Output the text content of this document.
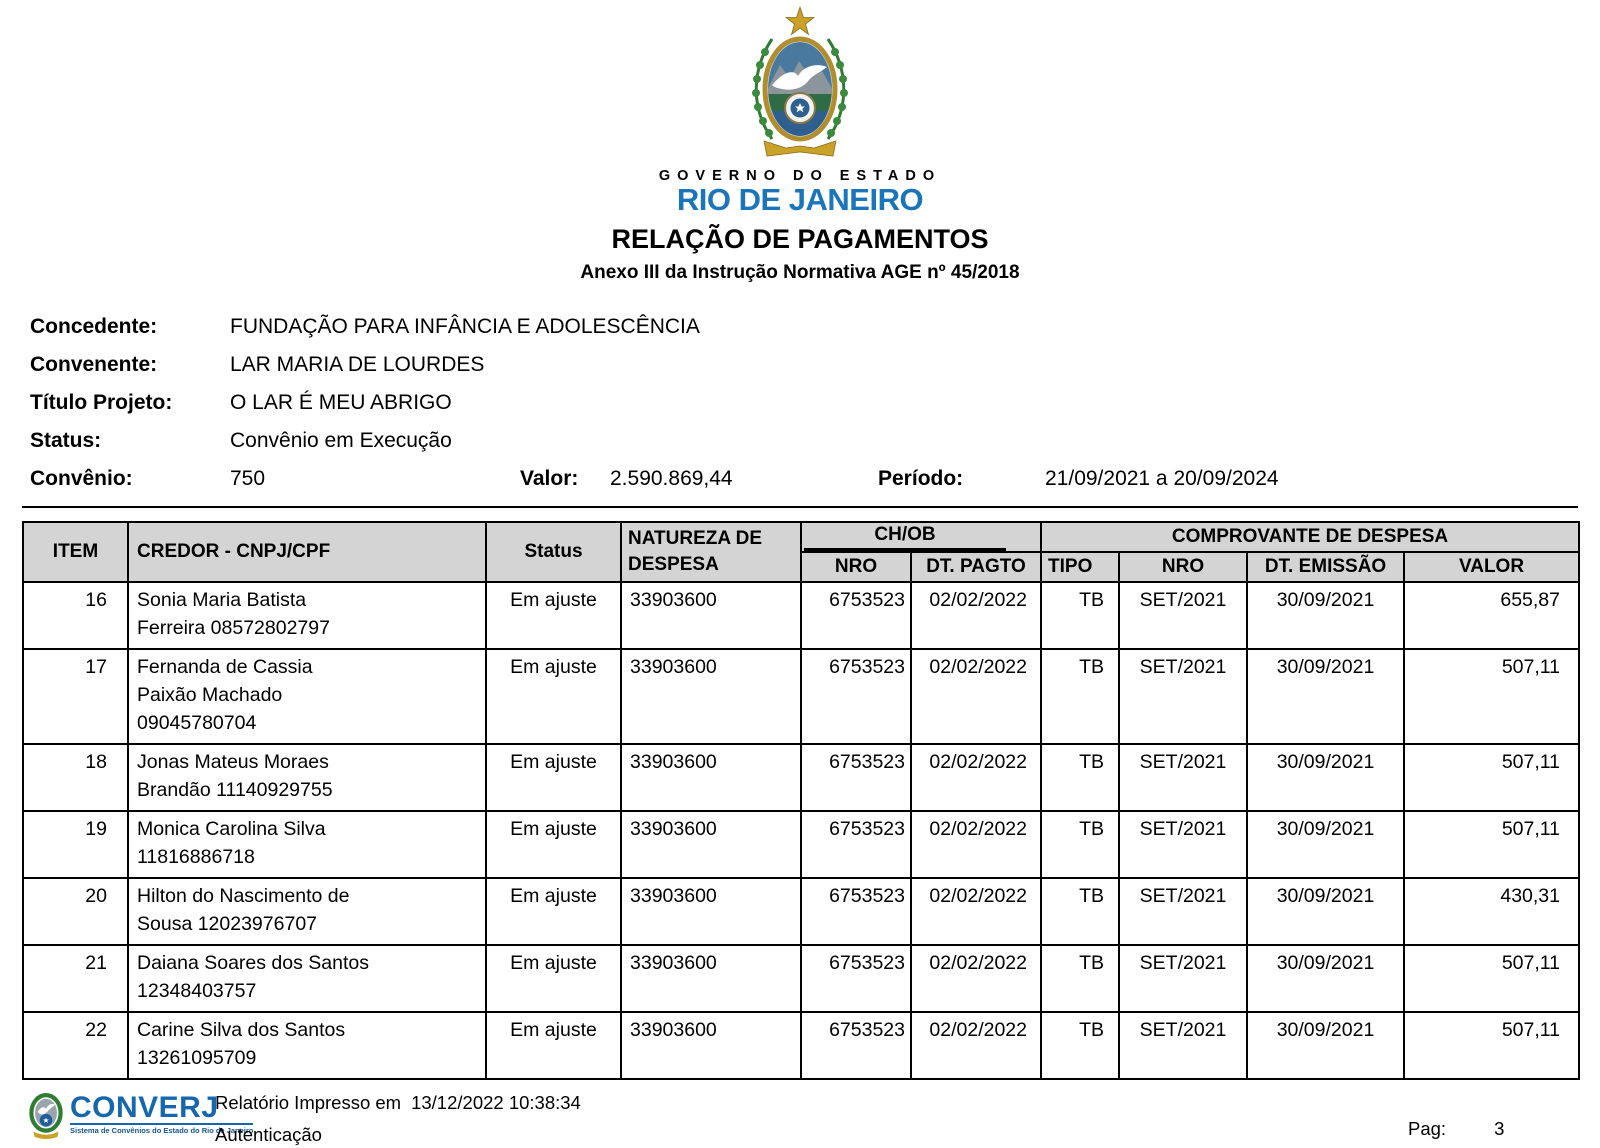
GOVERNO DO ESTADO
RIO DE JANEIRO
RELAÇÃO DE PAGAMENTOS
Anexo III da Instrução Normativa AGE nº 45/2018
Concedente:	FUNDAÇÃO PARA INFÂNCIA E ADOLESCÊNCIA
Convenente:	LAR MARIA DE LOURDES
Título Projeto:	O LAR É MEU ABRIGO
Status:	Convênio em Execução
Convênio:	750	Valor:	2.590.869,44	Período:	21/09/2021 a 20/09/2024
ITEM	CREDOR - CNPJ/CPF	Status	NATUREZA DE DESPESA	CH/OB		COMPROVANTE DE DESPESA			
				NRO	DT. PAGTO	TIPO	NRO	DT. EMISSÃO	VALOR
16	Sonia Maria Batista
Ferreira 08572802797	Em ajuste	33903600	6753523	02/02/2022	TB	SET/2021	30/09/2021	655,87
17	Fernanda de Cassia
Paixão Machado
09045780704	Em ajuste	33903600	6753523	02/02/2022	TB	SET/2021	30/09/2021	507,11
18	Jonas Mateus Moraes
Brandão 11140929755	Em ajuste	33903600	6753523	02/02/2022	TB	SET/2021	30/09/2021	507,11
19	Monica Carolina Silva
11816886718	Em ajuste	33903600	6753523	02/02/2022	TB	SET/2021	30/09/2021	507,11
20	Hilton do Nascimento de
Sousa 12023976707	Em ajuste	33903600	6753523	02/02/2022	TB	SET/2021	30/09/2021	430,31
21	Daiana Soares dos Santos
12348403757	Em ajuste	33903600	6753523	02/02/2022	TB	SET/2021	30/09/2021	507,11
22	Carine Silva dos Santos
13261095709	Em ajuste	33903600	6753523	02/02/2022	TB	SET/2021	30/09/2021	507,11
CONVERJ
Sistema de Convênios do Estado do Rio de Janeiro
Relatório Impresso em 13/12/2022 10:38:34
Autenticação	Pag:	3
